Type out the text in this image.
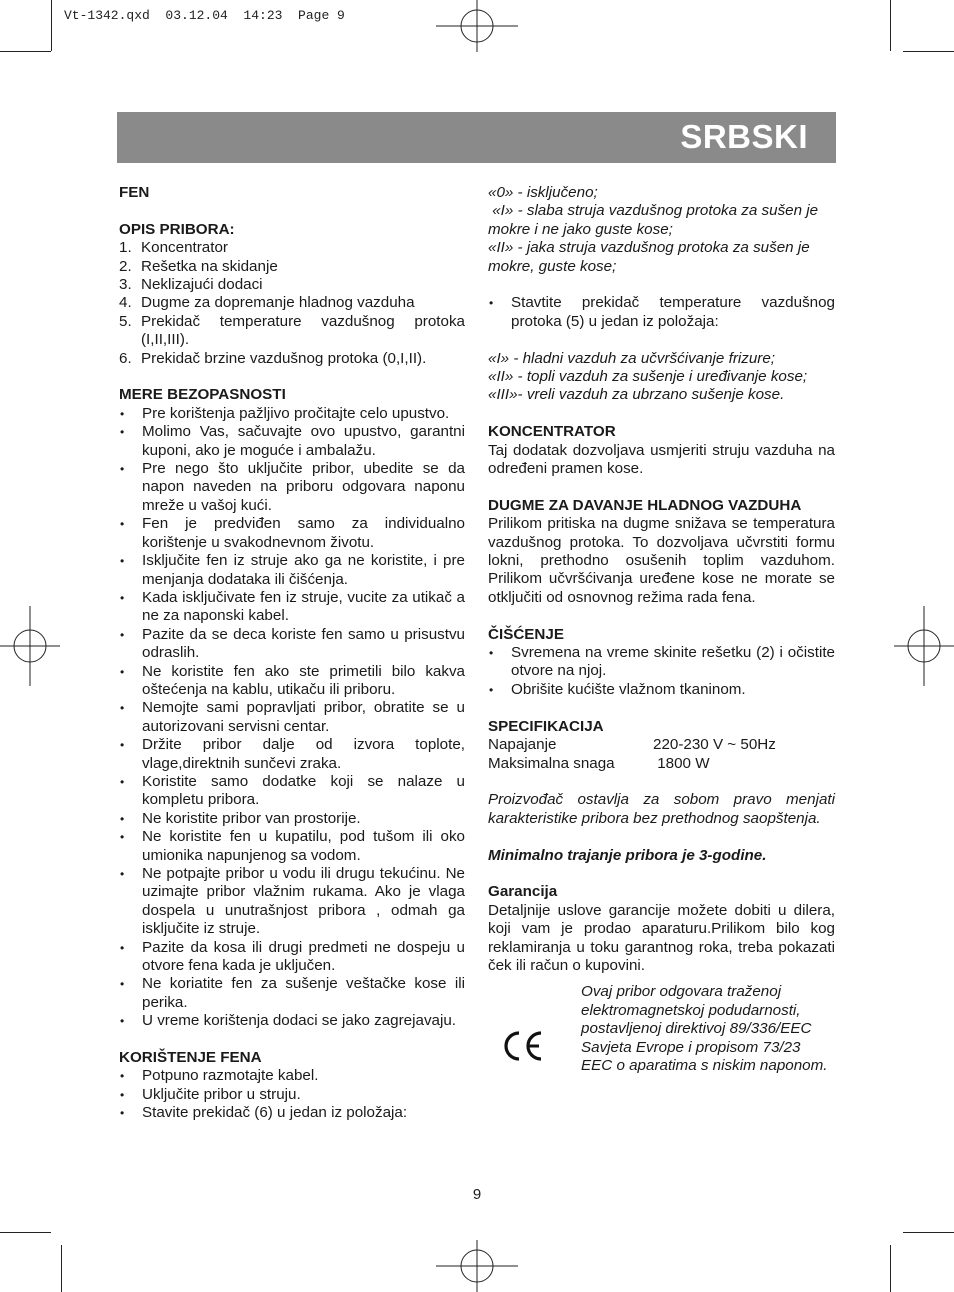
Vt-1342.qxd  03.12.04  14:23  Page 9
SRBSKI
FEN
OPIS PRIBORA:
1. Koncentrator
2. Rešetka na skidanje
3. Neklizajući dodaci
4. Dugme za dopremanje hladnog vazduha
5. Prekidač temperature vazdušnog protoka (I,II,III).
6. Prekidač brzine vazdušnog protoka (0,I,II).
MERE BEZOPASNOSTI
•	Pre korištenja pažljivo pročitajte celo upustvo.
•	Molimo Vas, sačuvajte ovo upustvo, garantni kuponi, ako je moguće i ambalažu.
•	Pre nego što uključite pribor, ubedite se da napon naveden na priboru odgovara naponu mreže u vašoj kući.
•	Fen je predviđen samo za individualno korištenje u svakodnevnom životu.
•	Isključite fen iz struje ako ga ne koristite, i pre menjanja dodataka ili čišćenja.
•	Kada isključivate fen iz struje, vucite za utikač a ne za naponski kabel.
•	Pazite da se deca koriste fen samo u prisustvu odraslih.
•	Ne koristite fen ako ste primetili bilo kakva oštećenja na kablu, utikaču ili priboru.
•	Nemojte sami popravljati pribor, obratite se u autorizovani servisni centar.
•	Držite pribor dalje od izvora toplote, vlage,direktnih sunčevi zraka.
•	Koristite samo dodatke koji se nalaze u kompletu pribora.
•	Ne koristite pribor van prostorije.
•	Ne koristite fen u kupatilu, pod tušom ili oko umionika napunjenog sa vodom.
•	Ne potpajte pribor u vodu ili drugu tekućinu. Ne uzimajte pribor vlažnim rukama. Ako je vlaga dospela u unutrašnjost pribora , odmah ga isključite iz struje.
•	Pazite da kosa ili drugi predmeti ne dospeju u otvore fena kada je uključen.
•	Ne koriatite fen za sušenje veštačke kose ili perika.
•	U vreme korištenja dodaci se jako zagrejavaju.
KORIŠTENJE FENA
•	Potpuno razmotajte kabel.
•	Uključite pribor u struju.
•	Stavite prekidač (6) u jedan iz položaja:
«0» - isključeno;
«I» - slaba struja vazdušnog protoka za sušen je mokre i ne jako guste kose;
«II» - jaka struja vazdušnog protoka za sušen je mokre, guste kose;
•	Stavtite prekidač temperature vazdušnog protoka (5) u jedan iz položaja:
«I» - hladni vazduh za učvršćivanje frizure;
«II» - topli vazduh za sušenje i uređivanje kose;
«III»- vreli vazduh za ubrzano sušenje kose.
KONCENTRATOR
Taj dodatak dozvoljava usmjeriti struju vazduha na određeni pramen kose.
DUGME ZA DAVANJE HLADNOG VAZDUHA
Prilikom pritiska na dugme snižava se temperatura vazdušnog protoka. To dozvoljava učvrstiti formu lokni, prethodno osušenih toplim vazduhom. Prilikom učvršćivanja uređene kose ne morate se otključiti od osnovnog režima rada fena.
ČIŠĆENJE
•	Svremena na vreme skinite rešetku (2) i očistite otvore na njoj.
•	Obrišite kućište vlažnom tkaninom.
SPECIFIKACIJA
Napajanje	220-230 V ~ 50Hz
Maksimalna snaga	1800 W
Proizvođač ostavlja za sobom pravo menjati karakteristike pribora bez prethodnog saopštenja.
Minimalno trajanje pribora je 3-godine.
Garancija
Detaljnije uslove garancije možete dobiti u dilera, koji vam je prodao aparaturu.Prilikom bilo kog reklamiranja u toku garantnog roka, treba pokazati ček ili račun o kupovini.
Ovaj pribor odgovara traženoj elektromagnetskoj podudarnosti, postavljenoj direktivoj 89/336/EEC Savjeta Evrope i propisom 73/23 EEC o aparatima s niskim naponom.
9
